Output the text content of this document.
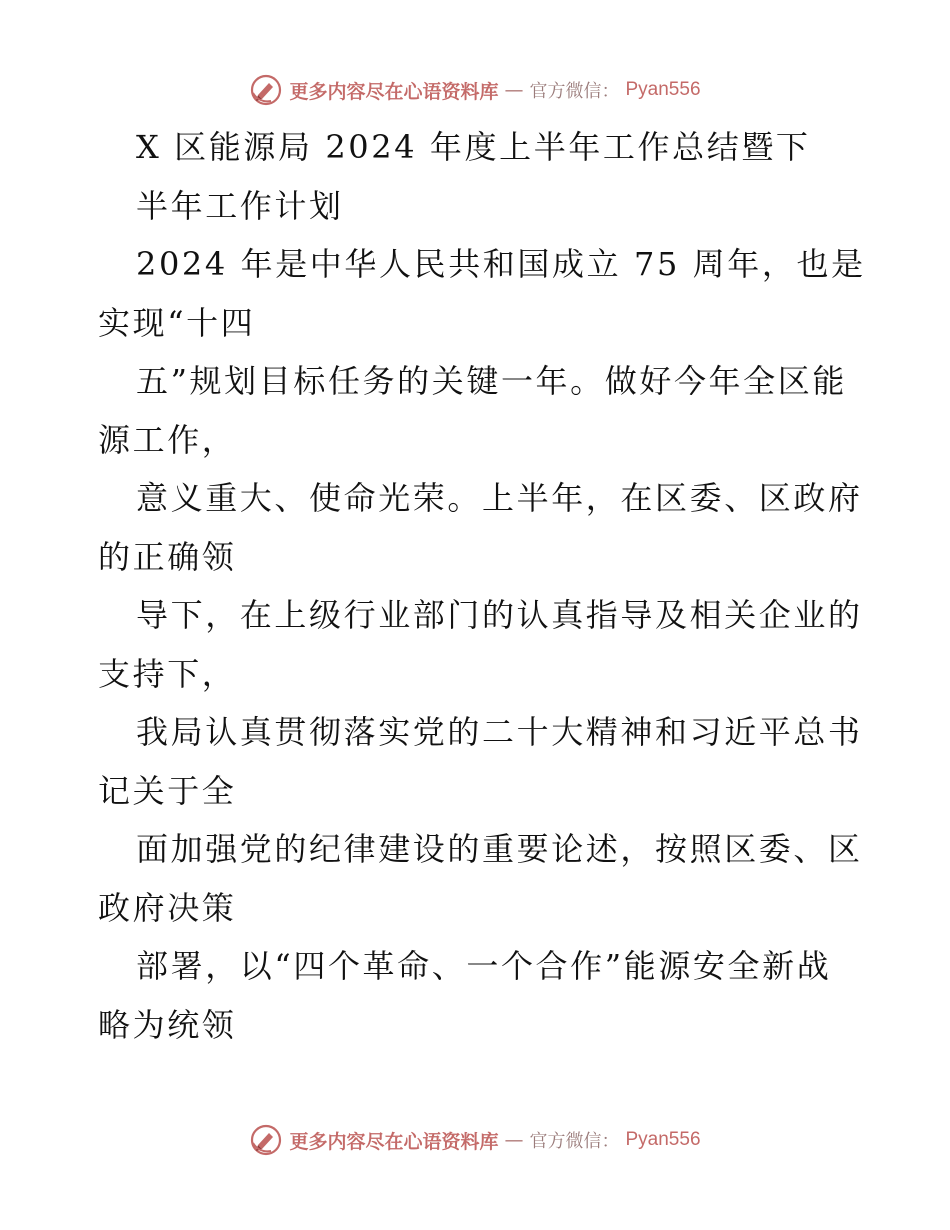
更多内容尽在心语资料库 — 官方微信： Pyan556
X 区能源局 2024 年度上半年工作总结暨下
半年工作计划
2024 年是中华人民共和国成立 75 周年，也是
实现“十四
五”规划目标任务的关键一年。做好今年全区能
源工作，
意义重大、使命光荣。上半年，在区委、区政府
的正确领
导下，在上级行业部门的认真指导及相关企业的
支持下，
我局认真贯彻落实党的二十大精神和习近平总书
记关于全
面加强党的纪律建设的重要论述，按照区委、区
政府决策
部署，以“四个革命、一个合作”能源安全新战
略为统领
更多内容尽在心语资料库 — 官方微信： Pyan556
